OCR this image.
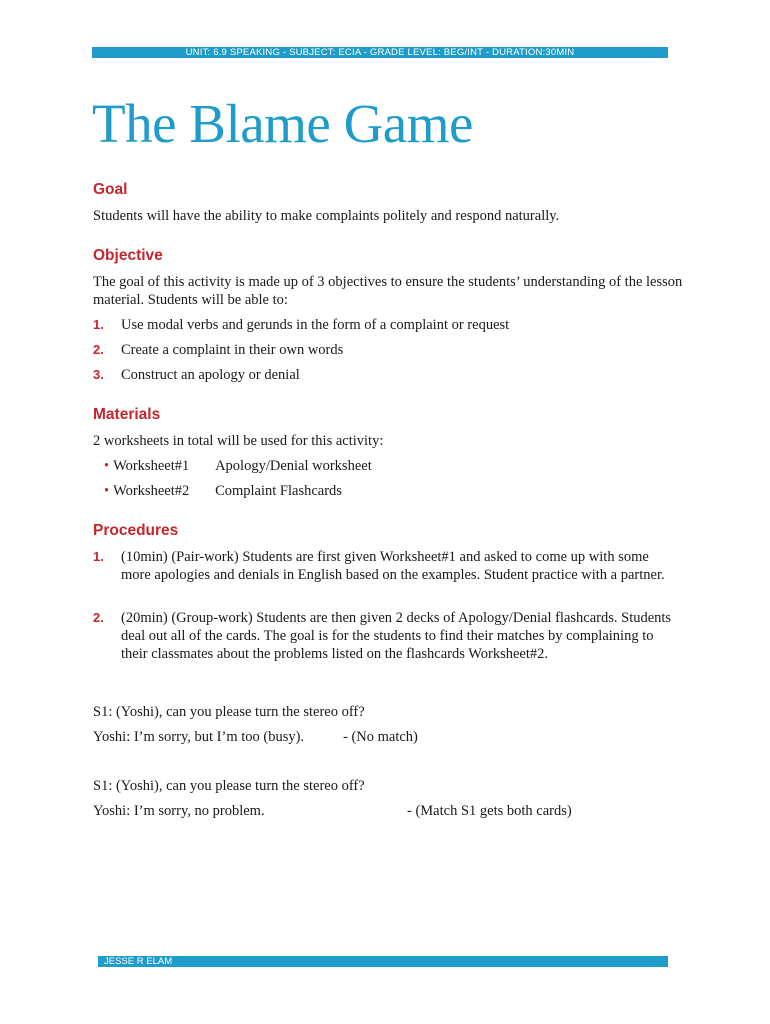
UNIT: 6.9 SPEAKING - SUBJECT: ECIA - GRADE LEVEL: BEG/INT - DURATION:30MIN
The Blame Game
Goal

Students will have the ability to make complaints politely and respond naturally.

Objective

The goal of this activity is made up of 3 objectives to ensure the students’ understanding of the lesson material. Students will be able to:

1. Use modal verbs and gerunds in the form of a complaint or request
2. Create a complaint in their own words
3. Construct an apology or denial
Materials

2 worksheets in total will be used for this activity:

• Worksheet#1 Apology/Denial worksheet
• Worksheet#2 Complaint Flashcards
Procedures
1. (10min) (Pair-work) Students are first given Worksheet#1 and asked to come up with some more apologies and denials in English based on the examples. Student practice with a partner.

2. (20min) (Group-work) Students are then given 2 decks of Apology/Denial flashcards. Students deal out all of the cards. The goal is for the students to find their matches by complaining to their classmates about the problems listed on the flashcards Worksheet#2.

S1: (Yoshi), can you please turn the stereo off?

Yoshi: I’m sorry, but I’m too (busy).	- (No match)

S1: (Yoshi), can you please turn the stereo off?

Yoshi: I’m sorry, no problem.	- (Match S1 gets both cards)

JESSE R ELAM
